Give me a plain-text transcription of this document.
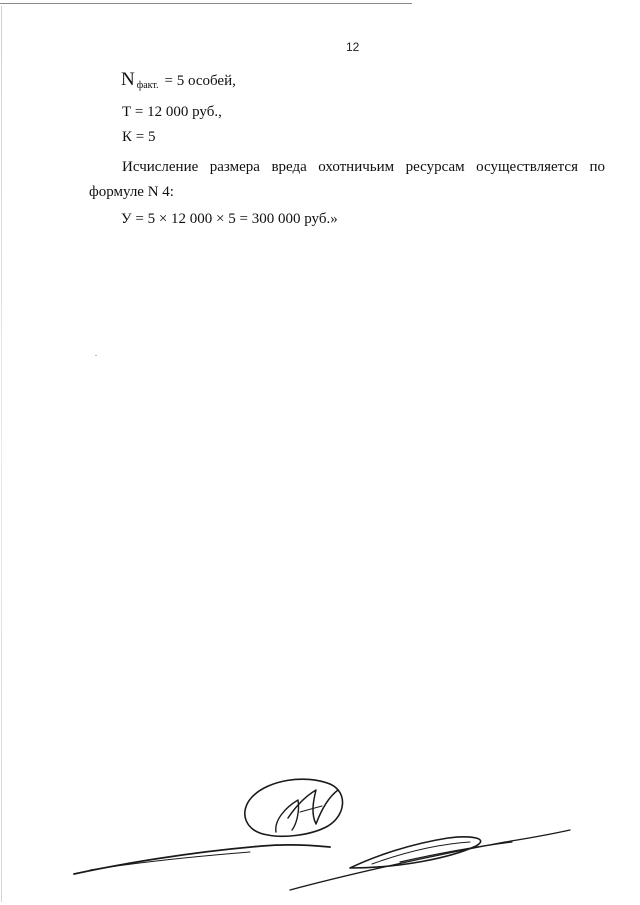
12
N $_{факт.}$ = 5 особей,
Т = 12 000 руб.,
К = 5
Исчисление размера вреда охотничьим ресурсам осуществляется по
формуле N 4:
У = 5 × 12 000 × 5 = 300 000 руб.»
